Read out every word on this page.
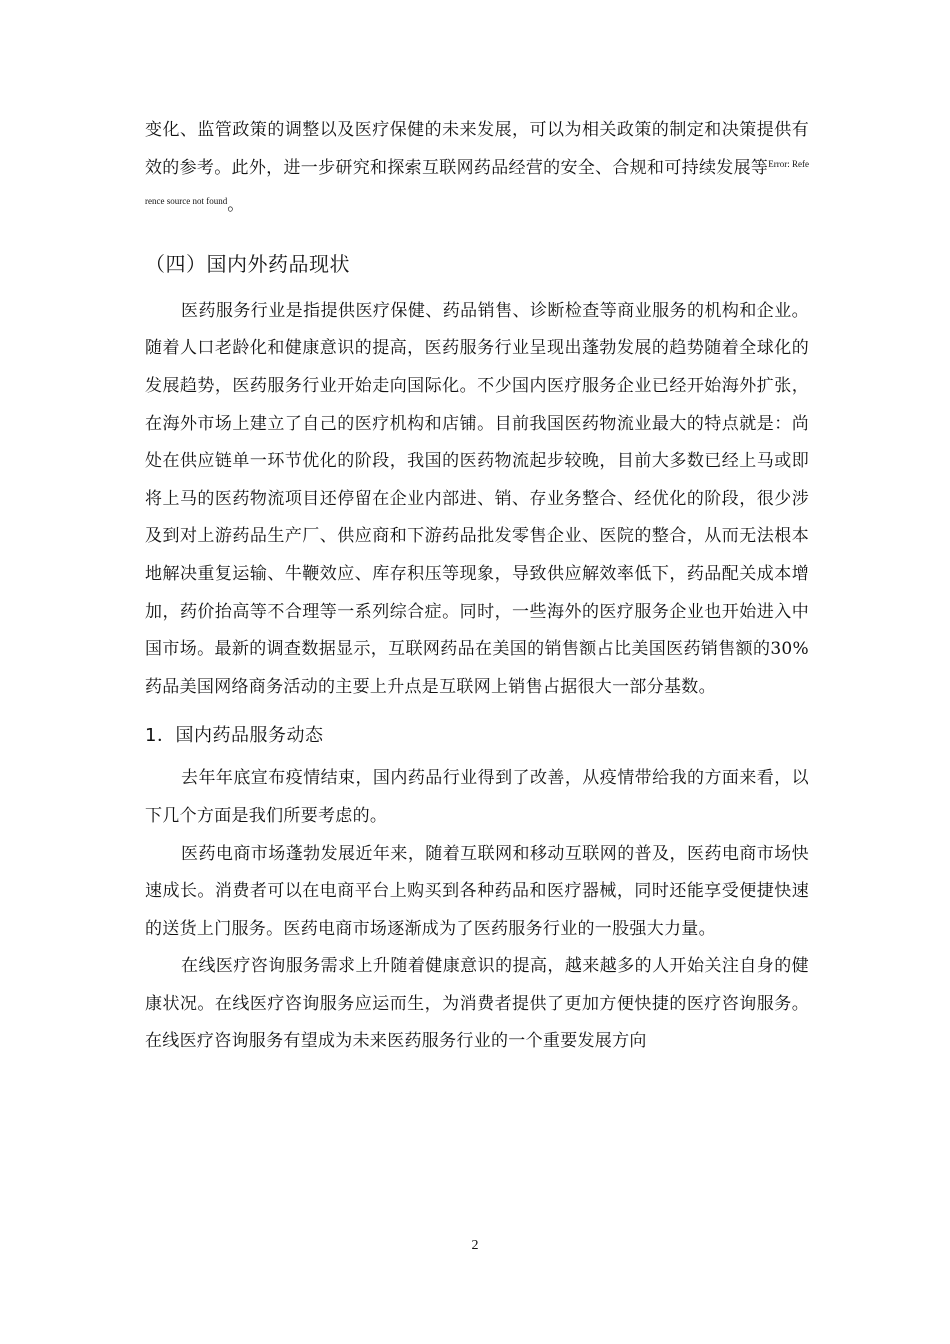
变化、监管政策的调整以及医疗保健的未来发展，可以为相关政策的制定和决策提供有效的参考。此外，进一步研究和探索互联网药品经营的安全、合规和可持续发展等$^{Error: Reference source not found}$。

（四）国内外药品现状

医药服务行业是指提供医疗保健、药品销售、诊断检查等商业服务的机构和企业。随着人口老龄化和健康意识的提高，医药服务行业呈现出蓬勃发展的趋势随着全球化的发展趋势，医药服务行业开始走向国际化。不少国内医疗服务企业已经开始海外扩张，在海外市场上建立了自己的医疗机构和店铺。目前我国医药物流业最大的特点就是：尚处在供应链单一环节优化的阶段，我国的医药物流起步较晚，目前大多数已经上马或即将上马的医药物流项目还停留在企业内部进、销、存业务整合、经优化的阶段，很少涉及到对上游药品生产厂、供应商和下游药品批发零售企业、医院的整合，从而无法根本地解决重复运输、牛鞭效应、库存积压等现象，导致供应解效率低下，药品配关成本增加，药价抬高等不合理等一系列综合症。同时，一些海外的医疗服务企业也开始进入中国市场。最新的调查数据显示，互联网药品在美国的销售额占比美国医药销售额的30%药品美国网络商务活动的主要上升点是互联网上销售占据很大一部分基数。

1．国内药品服务动态

去年年底宣布疫情结束，国内药品行业得到了改善，从疫情带给我的方面来看，以下几个方面是我们所要考虑的。

医药电商市场蓬勃发展近年来，随着互联网和移动互联网的普及，医药电商市场快速成长。消费者可以在电商平台上购买到各种药品和医疗器械，同时还能享受便捷快速的送货上门服务。医药电商市场逐渐成为了医药服务行业的一股强大力量。

在线医疗咨询服务需求上升随着健康意识的提高，越来越多的人开始关注自身的健康状况。在线医疗咨询服务应运而生，为消费者提供了更加方便快捷的医疗咨询服务。在线医疗咨询服务有望成为未来医药服务行业的一个重要发展方向

2
